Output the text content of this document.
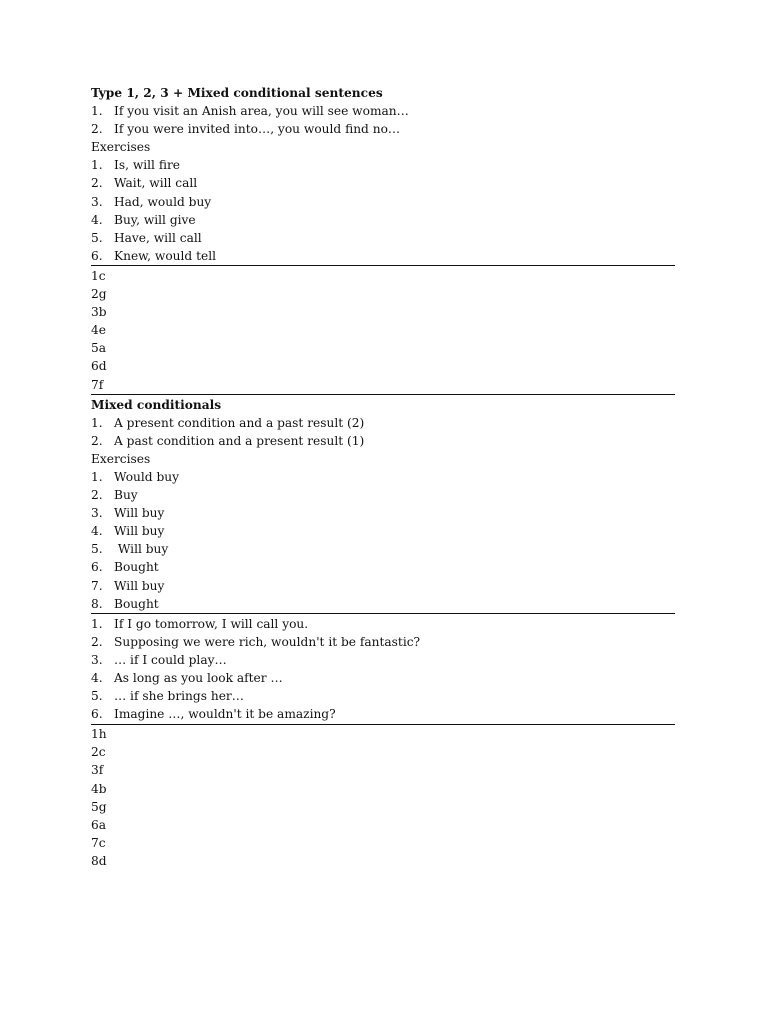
Type 1, 2, 3 + Mixed conditional sentences
1. If you visit an Anish area, you will see woman…
2. If you were invited into…, you would find no…
Exercises
1. Is, will fire
2. Wait, will call
3. Had, would buy
4. Buy, will give
5. Have, will call
6. Knew, would tell
1c
2g
3b
4e
5a
6d
7f
Mixed conditionals
1. A present condition and a past result (2)
2. A past condition and a present result (1)
Exercises
1. Would buy
2. Buy
3. Will buy
4. Will buy
5. Will buy
6. Bought
7. Will buy
8. Bought
1. If I go tomorrow, I will call you.
2. Supposing we were rich, wouldn't it be fantastic?
3. … if I could play…
4. As long as you look after …
5. … if she brings her…
6. Imagine …, wouldn't it be amazing?
1h
2c
3f
4b
5g
6a
7c
8d
